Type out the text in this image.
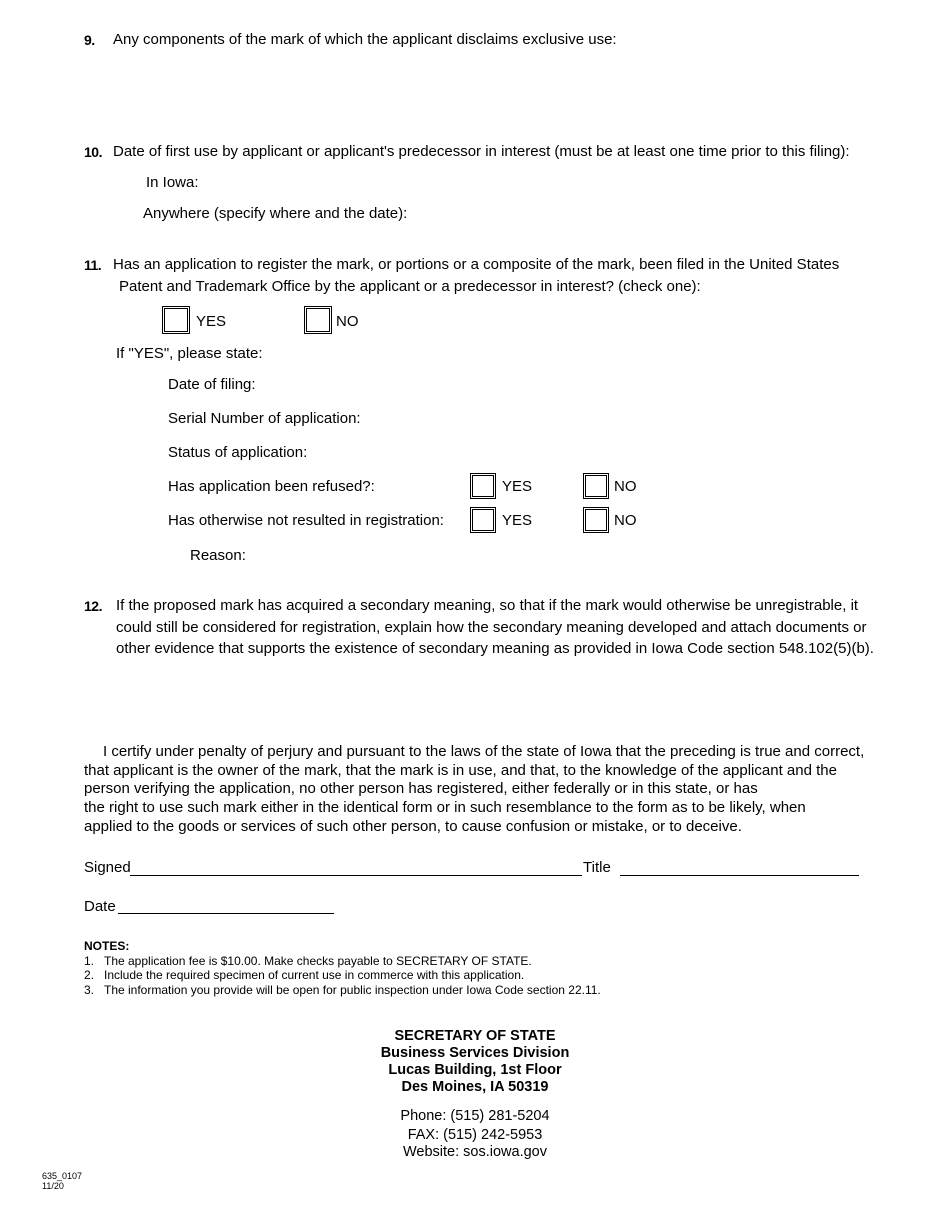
9. Any components of the mark of which the applicant disclaims exclusive use:
10. Date of first use by applicant or applicant's predecessor in interest (must be at least one time prior to this filing):
In Iowa:
Anywhere (specify where and the date):
11. Has an application to register the mark, or portions or a composite of the mark, been filed in the United States
Patent and Trademark Office by the applicant or a predecessor in interest? (check one):
YES	NO
If "YES", please state:
Date of filing:
Serial Number of application:
Status of application:
Has application been refused?:	YES	NO
Has otherwise not resulted in registration:	YES	NO
Reason:
12. If the proposed mark has acquired a secondary meaning, so that if the mark would otherwise be unregistrable, it
could still be considered for registration, explain how the secondary meaning developed and attach documents or
other evidence that supports the existence of secondary meaning as provided in Iowa Code section 548.102(5)(b).
I certify under penalty of perjury and pursuant to the laws of the state of Iowa that the preceding is true and correct,
that applicant is the owner of the mark, that the mark is in use, and that, to the knowledge of the applicant and the
person verifying the application, no other person has registered, either federally or in this state, or has
the right to use such mark either in the identical form or in such resemblance to the form as to be likely, when
applied to the goods or services of such other person, to cause confusion or mistake, or to deceive.
Signed	Title
Date
NOTES:
1. The application fee is $10.00. Make checks payable to SECRETARY OF STATE.
2. Include the required specimen of current use in commerce with this application.
3. The information you provide will be open for public inspection under Iowa Code section 22.11.
SECRETARY OF STATE
Business Services Division
Lucas Building, 1st Floor
Des Moines, IA 50319
Phone: (515) 281-5204
FAX: (515) 242-5953
Website: sos.iowa.gov
635_0107
11/20
